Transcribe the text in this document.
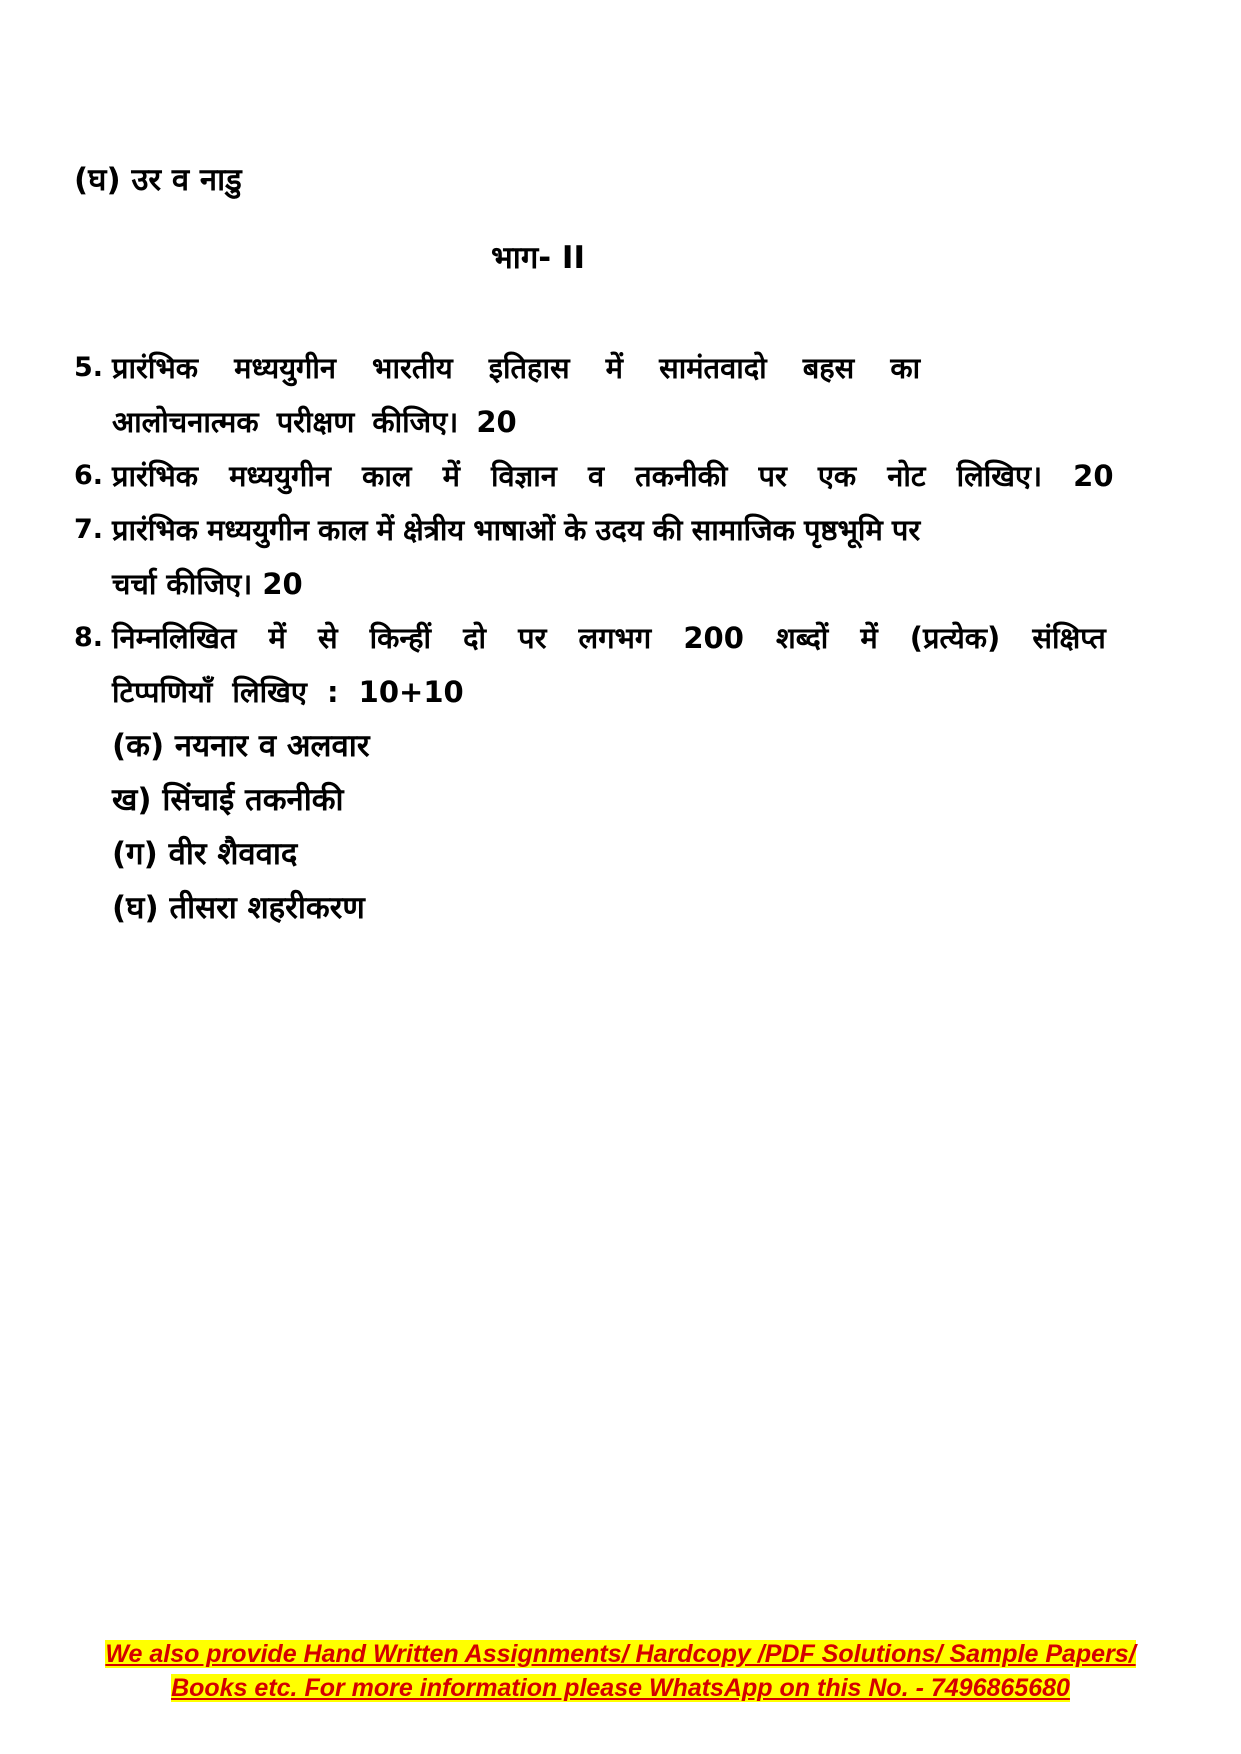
(घ) उर व नाडु
भाग- II
5. प्रारंभिक मध्ययुगीन भारतीय इतिहास में सामंतवादो बहस का
आलोचनात्मक परीक्षण कीजिए। 20
6. प्रारंभिक मध्ययुगीन काल में विज्ञान व तकनीकी पर एक नोट लिखिए। 20
7. प्रारंभिक मध्ययुगीन काल में क्षेत्रीय भाषाओं के उदय की सामाजिक पृष्ठभूमि पर
चर्चा कीजिए। 20
8. निम्नलिखित में से किन्हीं दो पर लगभग 200 शब्दों में (प्रत्येक) संक्षिप्त
टिप्पणियाँ लिखिए : 10+10
(क) नयनार व अलवार
ख) सिंचाई तकनीकी
(ग) वीर शैववाद
(घ) तीसरा शहरीकरण
We also provide Hand Written Assignments/ Hardcopy /PDF Solutions/ Sample Papers/
Books etc. For more information please WhatsApp on this No. - 7496865680
